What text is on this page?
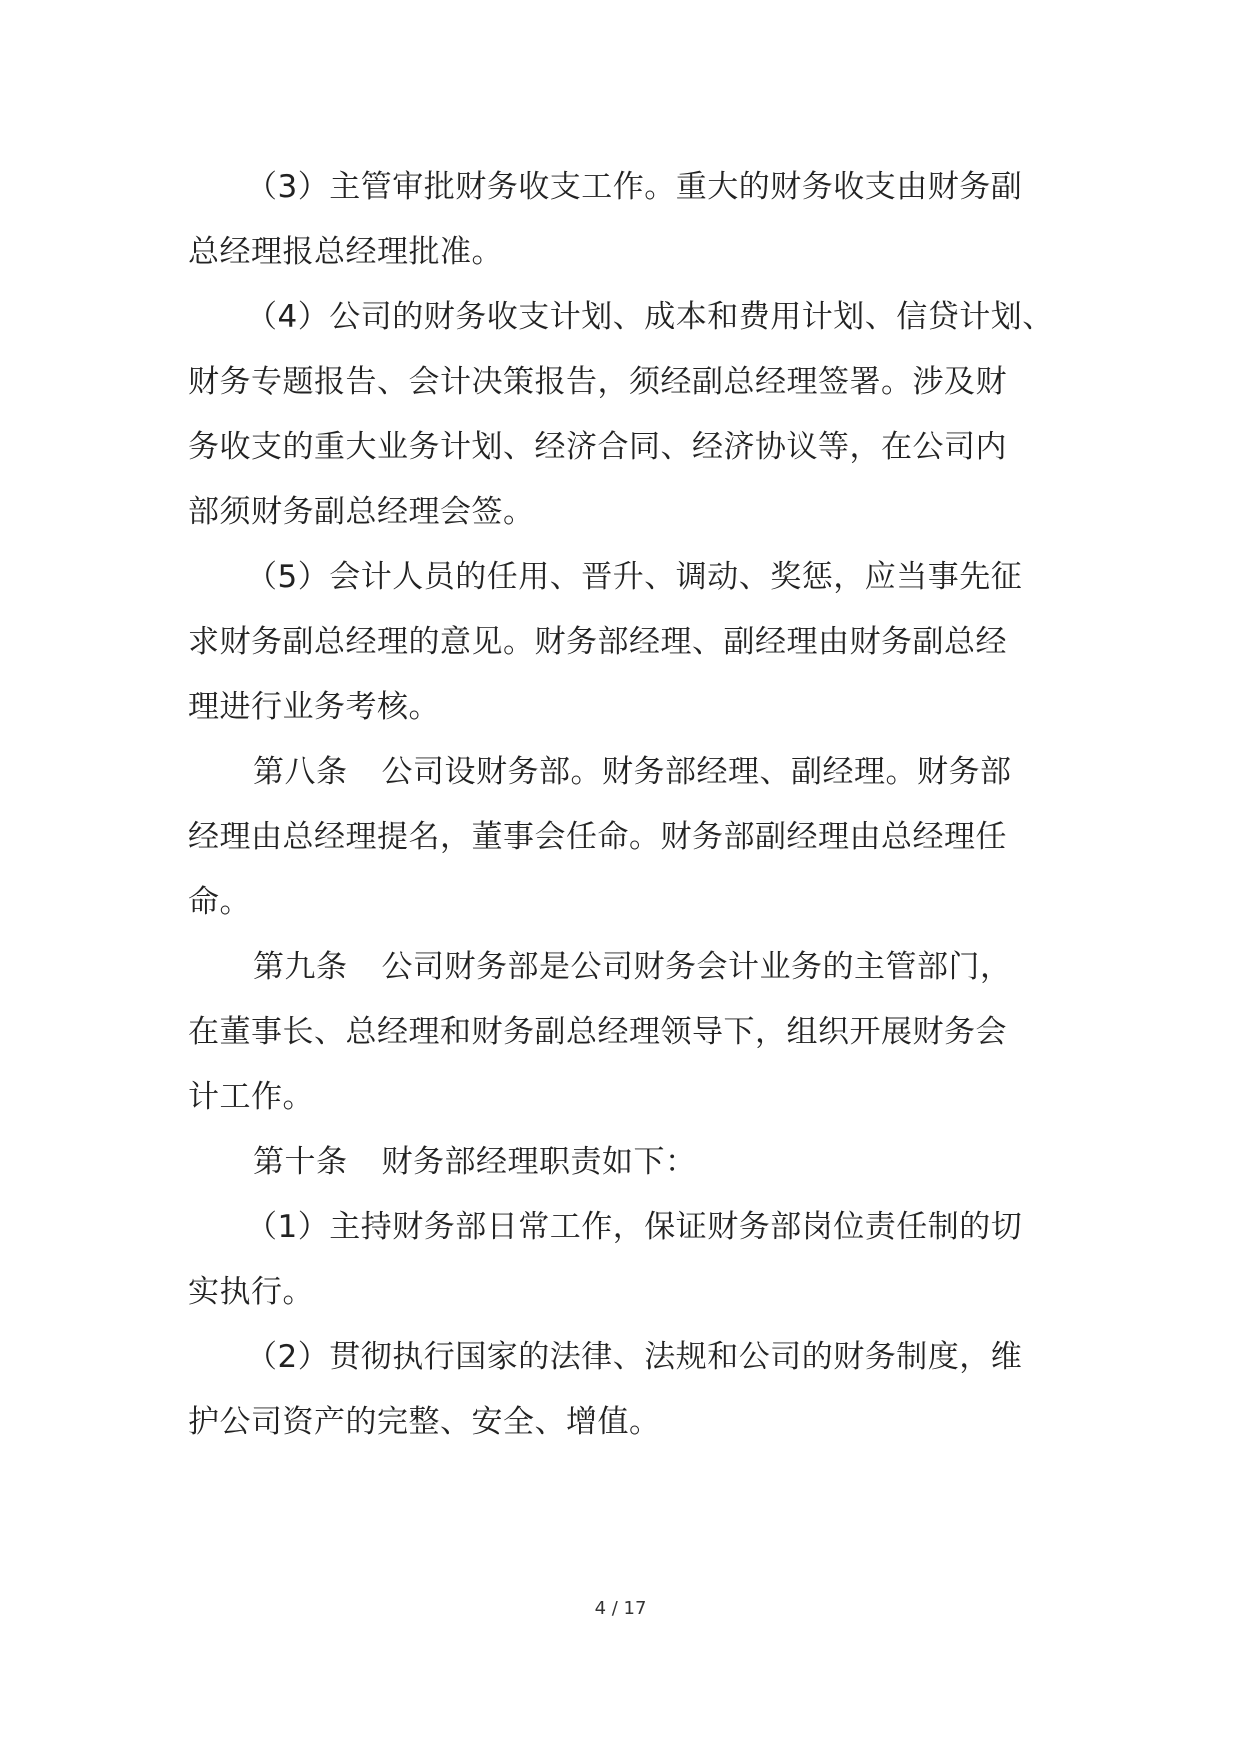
（3）主管审批财务收支工作。重大的财务收支由财务副
总经理报总经理批准。

（4）公司的财务收支计划、成本和费用计划、信贷计划、
财务专题报告、会计决策报告，须经副总经理签署。涉及财
务收支的重大业务计划、经济合同、经济协议等，在公司内
部须财务副总经理会签。

（5）会计人员的任用、晋升、调动、奖惩，应当事先征
求财务副总经理的意见。财务部经理、副经理由财务副总经
理进行业务考核。

第八条 公司设财务部。财务部经理、副经理。财务部
经理由总经理提名，董事会任命。财务部副经理由总经理任
命。

第九条 公司财务部是公司财务会计业务的主管部门，
在董事长、总经理和财务副总经理领导下，组织开展财务会
计工作。

第十条 财务部经理职责如下：

（1）主持财务部日常工作，保证财务部岗位责任制的切
实执行。

（2）贯彻执行国家的法律、法规和公司的财务制度，维
护公司资产的完整、安全、增值。

4 / 17
